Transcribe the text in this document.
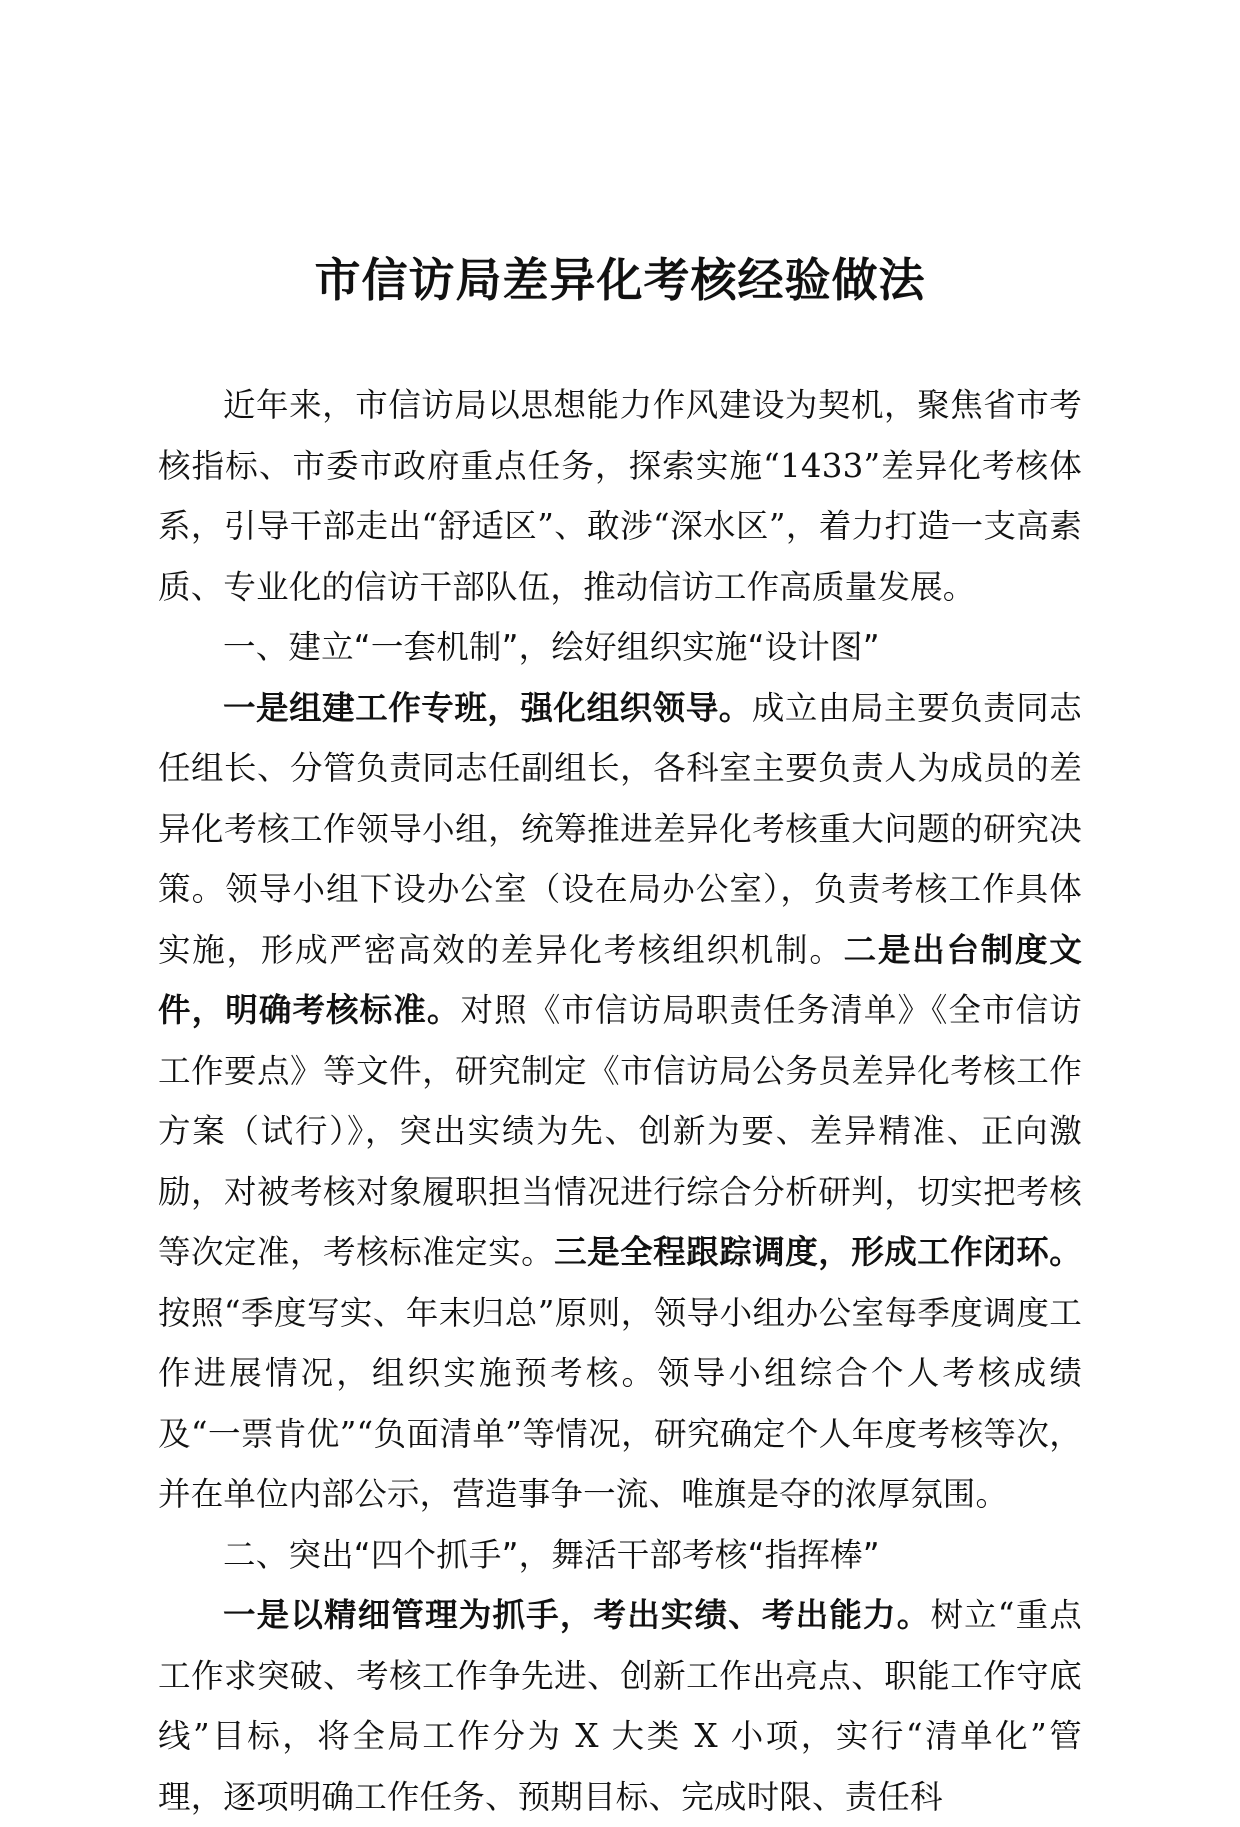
市信访局差异化考核经验做法

近年来，市信访局以思想能力作风建设为契机，聚焦省市考核指标、市委市政府重点任务，探索实施“1433”差异化考核体系，引导干部走出“舒适区”、敢涉“深水区”，着力打造一支高素质、专业化的信访干部队伍，推动信访工作高质量发展。

一、建立“一套机制”，绘好组织实施“设计图”

一是组建工作专班，强化组织领导。成立由局主要负责同志任组长、分管负责同志任副组长，各科室主要负责人为成员的差异化考核工作领导小组，统筹推进差异化考核重大问题的研究决策。领导小组下设办公室（设在局办公室），负责考核工作具体实施，形成严密高效的差异化考核组织机制。二是出台制度文件，明确考核标准。对照《市信访局职责任务清单》《全市信访工作要点》等文件，研究制定《市信访局公务员差异化考核工作方案（试行）》，突出实绩为先、创新为要、差异精准、正向激励，对被考核对象履职担当情况进行综合分析研判，切实把考核等次定准，考核标准定实。三是全程跟踪调度，形成工作闭环。按照“季度写实、年末归总”原则，领导小组办公室每季度调度工作进展情况，组织实施预考核。领导小组综合个人考核成绩及“一票肯优”“负面清单”等情况，研究确定个人年度考核等次，并在单位内部公示，营造事争一流、唯旗是夺的浓厚氛围。

二、突出“四个抓手”，舞活干部考核“指挥棒”

一是以精细管理为抓手，考出实绩、考出能力。树立“重点工作求突破、考核工作争先进、创新工作出亮点、职能工作守底线”目标，将全局工作分为 X 大类 X 小项，实行“清单化”管理，逐项明确工作任务、预期目标、完成时限、责任科
